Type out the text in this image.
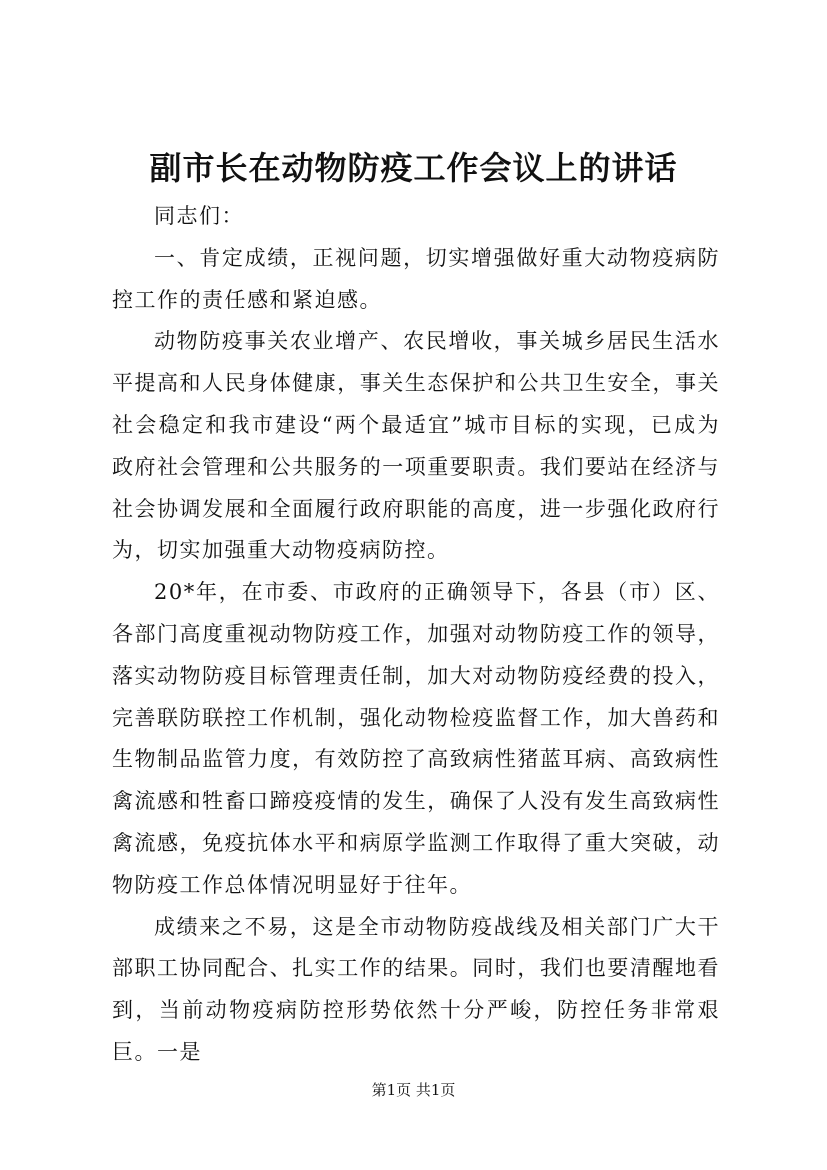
副市长在动物防疫工作会议上的讲话

同志们：

一、肯定成绩，正视问题，切实增强做好重大动物疫病防控工作的责任感和紧迫感。

动物防疫事关农业增产、农民增收，事关城乡居民生活水平提高和人民身体健康，事关生态保护和公共卫生安全，事关社会稳定和我市建设“两个最适宜”城市目标的实现，已成为政府社会管理和公共服务的一项重要职责。我们要站在经济与社会协调发展和全面履行政府职能的高度，进一步强化政府行为，切实加强重大动物疫病防控。

20*年，在市委、市政府的正确领导下，各县（市）区、各部门高度重视动物防疫工作，加强对动物防疫工作的领导，落实动物防疫目标管理责任制，加大对动物防疫经费的投入，完善联防联控工作机制，强化动物检疫监督工作，加大兽药和生物制品监管力度，有效防控了高致病性猪蓝耳病、高致病性禽流感和牲畜口蹄疫疫情的发生，确保了人没有发生高致病性禽流感，免疫抗体水平和病原学监测工作取得了重大突破，动物防疫工作总体情况明显好于往年。

成绩来之不易，这是全市动物防疫战线及相关部门广大干部职工协同配合、扎实工作的结果。同时，我们也要清醒地看到，当前动物疫病防控形势依然十分严峻，防控任务非常艰巨。一是

第1页 共1页
